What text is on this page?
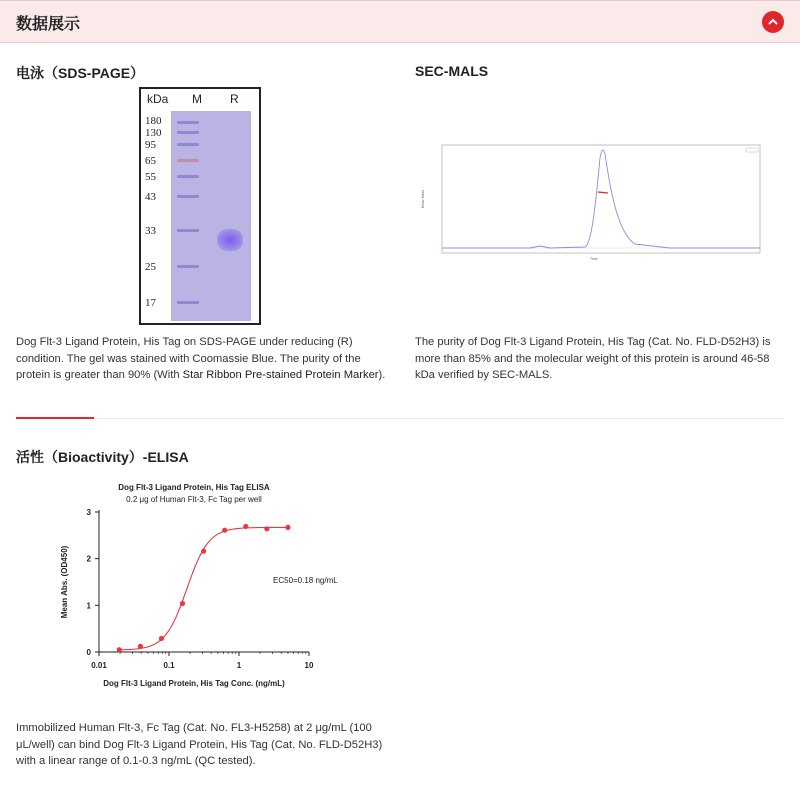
数据展示
电泳（SDS-PAGE）
kDa M R
180
130
95
65
55
43
33
25
17
Dog Flt-3 Ligand Protein, His Tag on SDS-PAGE under reducing (R) condition. The gel was stained with Coomassie Blue. The purity of the protein is greater than 90% (With Star Ribbon Pre-stained Protein Marker).
SEC-MALS
Molar Mass
Time
The purity of Dog Flt-3 Ligand Protein, His Tag (Cat. No. FLD-D52H3) is more than 85% and the molecular weight of this protein is around 46-58 kDa verified by SEC-MALS.
活性（Bioactivity）-ELISA
Dog Flt-3 Ligand Protein, His Tag ELISA
0.2 μg of Human Flt-3, Fc Tag per well
0
1
2
3
0.01	0.1	1	10
Dog Flt-3 Ligand Protein, His Tag Conc. (ng/mL)
Mean Abs. (OD450)	EC50=0.18 ng/mL
Immobilized Human Flt-3, Fc Tag (Cat. No. FL3-H5258) at 2 μg/mL (100 μL/well) can bind Dog Flt-3 Ligand Protein, His Tag (Cat. No. FLD-D52H3) with a linear range of 0.1-0.3 ng/mL (QC tested).
